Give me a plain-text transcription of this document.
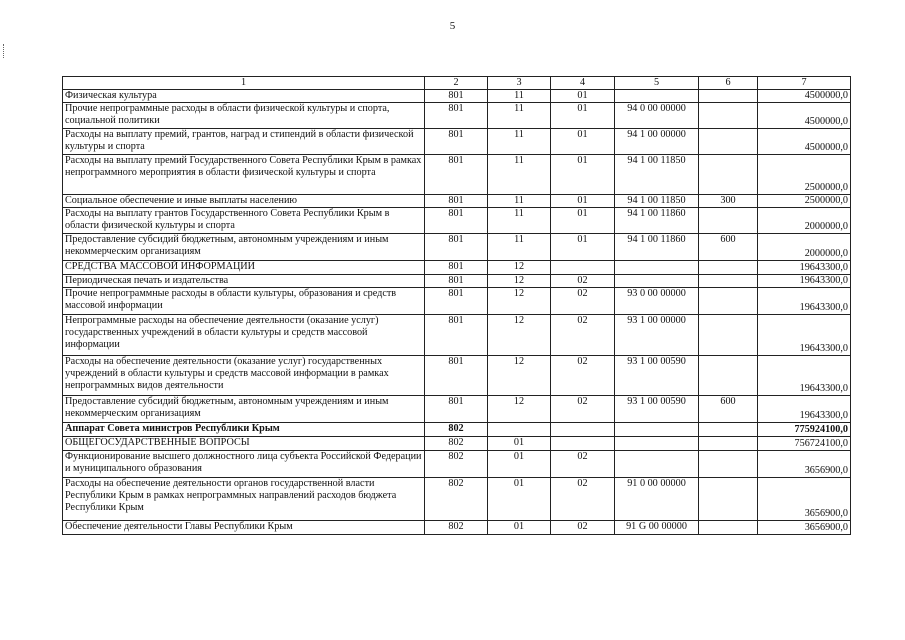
5
1	2	3	4	5	6	7
Физическая культура	801	11	01			4500000,0
Прочие непрограммные расходы в области физической культуры и спорта, социальной политики	801	11	01	94 0 00 00000		4500000,0
Расходы на выплату премий, грантов, наград и стипендий в области физической культуры и спорта	801	11	01	94 1 00 00000		4500000,0
Расходы на выплату премий Государственного Совета Республики Крым в рамках непрограммного мероприятия в области физической культуры и спорта	801	11	01	94 1 00 11850		2500000,0
Социальное обеспечение и иные выплаты населению	801	11	01	94 1 00 11850	300	2500000,0
Расходы на выплату грантов Государственного Совета Республики Крым в области физической культуры и спорта	801	11	01	94 1 00 11860		2000000,0
Предоставление субсидий бюджетным, автономным учреждениям и иным некоммерческим организациям	801	11	01	94 1 00 11860	600	2000000,0
СРЕДСТВА МАССОВОЙ ИНФОРМАЦИИ	801	12				19643300,0
Периодическая печать и издательства	801	12	02			19643300,0
Прочие непрограммные расходы в области культуры, образования и средств массовой информации	801	12	02	93 0 00 00000		19643300,0
Непрограммные расходы на обеспечение деятельности (оказание услуг) государственных учреждений в области культуры и средств массовой информации	801	12	02	93 1 00 00000		19643300,0
Расходы на обеспечение деятельности (оказание услуг) государственных учреждений в области культуры и средств массовой информации в рамках непрограммных видов деятельности	801	12	02	93 1 00 00590		19643300,0
Предоставление субсидий бюджетным, автономным учреждениям и иным некоммерческим организациям	801	12	02	93 1 00 00590	600	19643300,0
Аппарат Совета министров Республики Крым	802					775924100,0
ОБЩЕГОСУДАРСТВЕННЫЕ ВОПРОСЫ	802	01				756724100,0
Функционирование высшего должностного лица субъекта Российской Федерации и муниципального образования	802	01	02			3656900,0
Расходы на обеспечение деятельности органов государственной власти Республики Крым в рамках непрограммных направлений расходов бюджета Республики Крым	802	01	02	91 0 00 00000		3656900,0
Обеспечение деятельности Главы Республики Крым	802	01	02	91 G 00 00000		3656900,0
